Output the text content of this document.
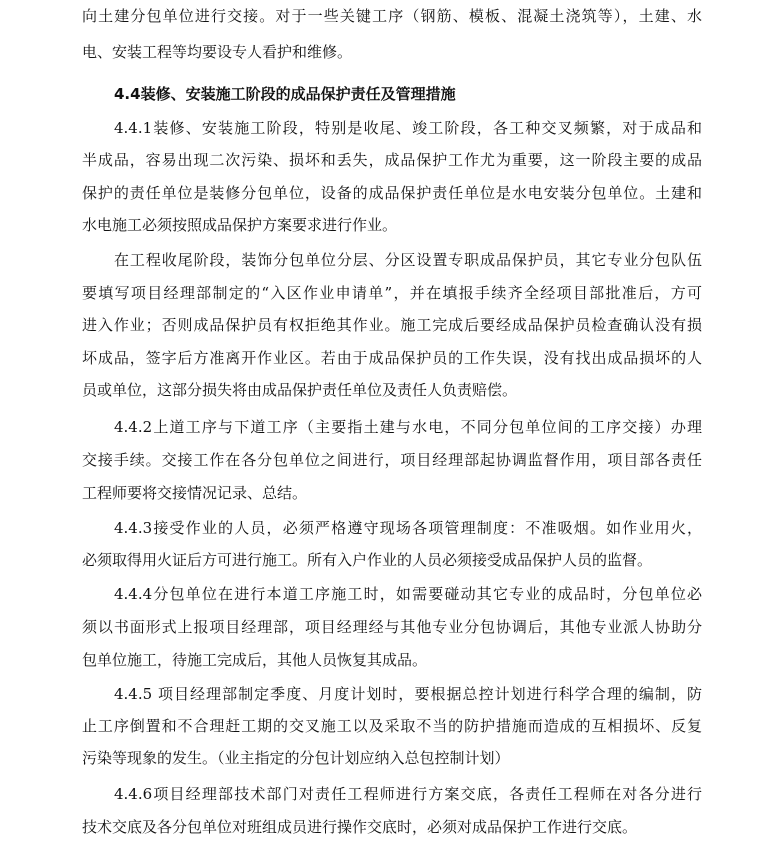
向土建分包单位进行交接。对于一些关键工序（钢筋、模板、混凝土浇筑等），土建、水
电、安装工程等均要设专人看护和维修。
4.4装修、安装施工阶段的成品保护责任及管理措施
4.4.1装修、安装施工阶段，特别是收尾、竣工阶段，各工种交叉频繁，对于成品和
半成品，容易出现二次污染、损坏和丢失，成品保护工作尤为重要，这一阶段主要的成品
保护的责任单位是装修分包单位，设备的成品保护责任单位是水电安装分包单位。土建和
水电施工必须按照成品保护方案要求进行作业。
在工程收尾阶段，装饰分包单位分层、分区设置专职成品保护员，其它专业分包队伍
要填写项目经理部制定的“入区作业申请单”，并在填报手续齐全经项目部批准后，方可
进入作业；否则成品保护员有权拒绝其作业。施工完成后要经成品保护员检查确认没有损
坏成品，签字后方准离开作业区。若由于成品保护员的工作失误，没有找出成品损坏的人
员或单位，这部分损失将由成品保护责任单位及责任人负责赔偿。
4.4.2上道工序与下道工序（主要指土建与水电，不同分包单位间的工序交接）办理
交接手续。交接工作在各分包单位之间进行，项目经理部起协调监督作用，项目部各责任
工程师要将交接情况记录、总结。
4.4.3接受作业的人员，必须严格遵守现场各项管理制度：不准吸烟。如作业用火，
必须取得用火证后方可进行施工。所有入户作业的人员必须接受成品保护人员的监督。
4.4.4分包单位在进行本道工序施工时，如需要碰动其它专业的成品时，分包单位必
须以书面形式上报项目经理部，项目经理经与其他专业分包协调后，其他专业派人协助分
包单位施工，待施工完成后，其他人员恢复其成品。
4.4.5 项目经理部制定季度、月度计划时，要根据总控计划进行科学合理的编制，防
止工序倒置和不合理赶工期的交叉施工以及采取不当的防护措施而造成的互相损坏、反复
污染等现象的发生。（业主指定的分包计划应纳入总包控制计划）
4.4.6项目经理部技术部门对责任工程师进行方案交底，各责任工程师在对各分进行
技术交底及各分包单位对班组成员进行操作交底时，必须对成品保护工作进行交底。
